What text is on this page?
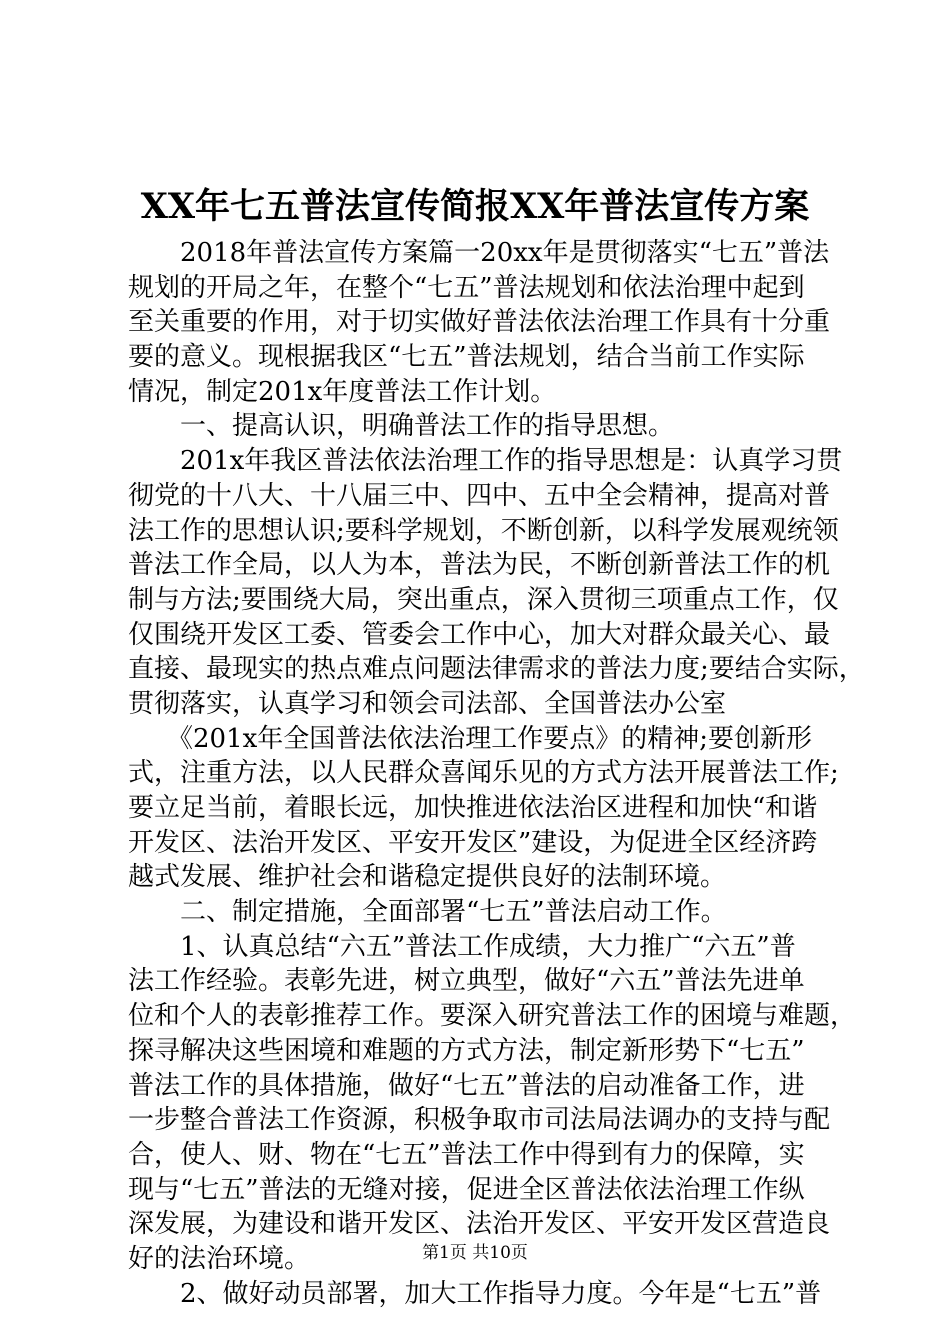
XX年七五普法宣传简报XX年普法宣传方案
　　2018年普法宣传方案篇一20xx年是贯彻落实“七五”普法
规划的开局之年，在整个“七五”普法规划和依法治理中起到
至关重要的作用，对于切实做好普法依法治理工作具有十分重
要的意义。现根据我区“七五”普法规划，结合当前工作实际
情况，制定201x年度普法工作计划。
　　一、提高认识，明确普法工作的指导思想。
　　201x年我区普法依法治理工作的指导思想是：认真学习贯
彻党的十八大、十八届三中、四中、五中全会精神，提高对普
法工作的思想认识;要科学规划，不断创新，以科学发展观统领
普法工作全局，以人为本，普法为民，不断创新普法工作的机
制与方法;要围绕大局，突出重点，深入贯彻三项重点工作，仅
仅围绕开发区工委、管委会工作中心，加大对群众最关心、最
直接、最现实的热点难点问题法律需求的普法力度;要结合实际，
贯彻落实，认真学习和领会司法部、全国普法办公室
　　《201x年全国普法依法治理工作要点》的精神;要创新形
式，注重方法，以人民群众喜闻乐见的方式方法开展普法工作;
要立足当前，着眼长远，加快推进依法治区进程和加快“和谐
开发区、法治开发区、平安开发区”建设，为促进全区经济跨
越式发展、维护社会和谐稳定提供良好的法制环境。
　　二、制定措施，全面部署“七五”普法启动工作。
　　1、认真总结“六五”普法工作成绩，大力推广“六五”普
法工作经验。表彰先进，树立典型，做好“六五”普法先进单
位和个人的表彰推荐工作。要深入研究普法工作的困境与难题，
探寻解决这些困境和难题的方式方法，制定新形势下“七五”
普法工作的具体措施，做好“七五”普法的启动准备工作，进
一步整合普法工作资源，积极争取市司法局法调办的支持与配
合，使人、财、物在“七五”普法工作中得到有力的保障，实
现与“七五”普法的无缝对接，促进全区普法依法治理工作纵
深发展，为建设和谐开发区、法治开发区、平安开发区营造良
好的法治环境。
　　2、做好动员部署，加大工作指导力度。今年是“七五”普
第1页 共10页
